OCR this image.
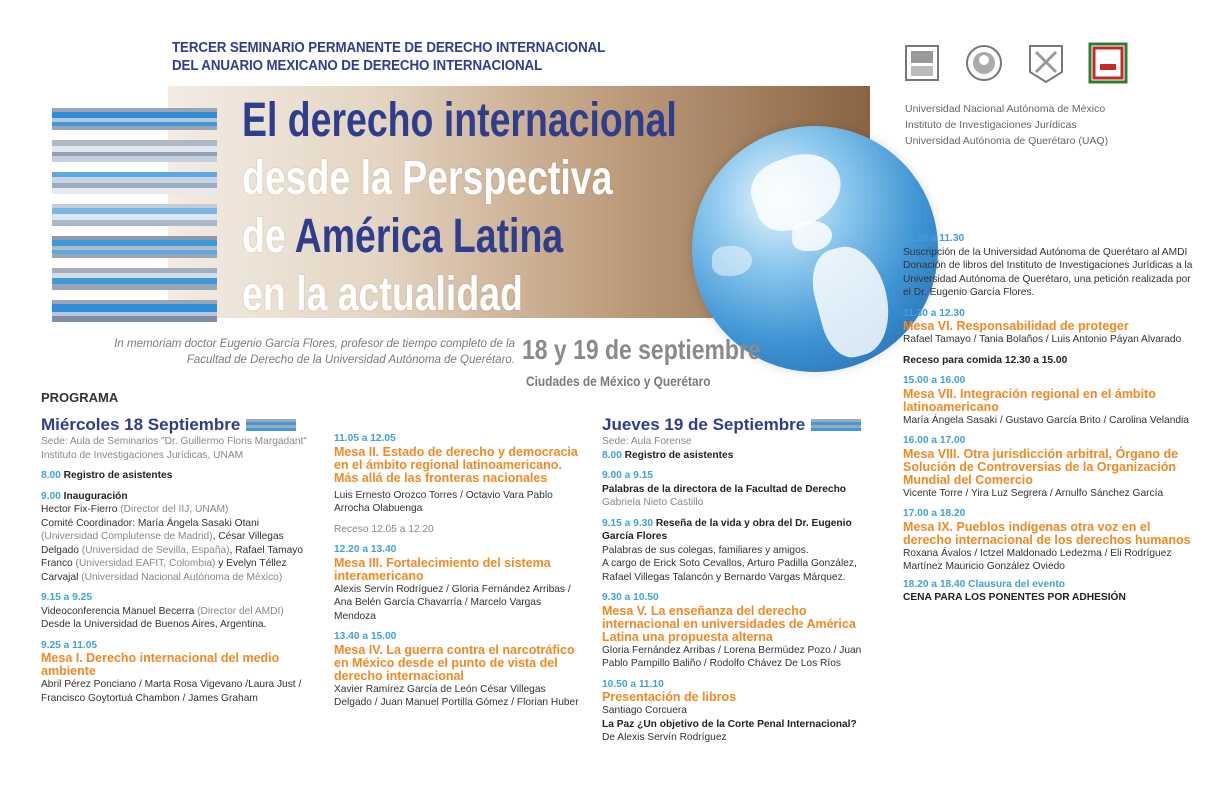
TERCER SEMINARIO PERMANENTE DE DERECHO INTERNACIONAL
DEL ANUARIO MEXICANO DE DERECHO INTERNACIONAL
El derecho internacional
desde la Perspectiva
de América Latina
en la actualidad
In memoriam doctor Eugenio García Flores, profesor de tiempo completo de la
Facultad de Derecho de la Universidad Autónoma de Querétaro. 18 y 19 de septiembre
Ciudades de México y Querétaro
Universidad Nacional Autónoma de México
Instituto de Investigaciones Jurídicas
Universidad Autónoma de Querétaro (UAQ)
PROGRAMA
Miércoles 18 Septiembre
Sede: Aula de Seminarios "Dr. Guillermo Floris Margadant"
Instituto de Investigaciones Jurídicas, UNAM
8.00 Registro de asistentes
9.00 Inauguración
Hector Fix-Fierro (Director del IIJ, UNAM)
Comité Coordinador: María Ángela Sasaki Otani
(Universidad Complutense de Madrid), César Villegas
Delgado (Universidad de Sevilla, España), Rafael Tamayo
Franco (Universidad EAFIT, Colombia) y Evelyn Téllez
Carvajal (Universidad Nacional Autónoma de México)
9.15 a 9.25
Videoconferencia Manuel Becerra (Director del AMDI)
Desde la Universidad de Buenos Aires, Argentina.
9.25 a 11.05
Mesa I. Derecho internacional del medio ambiente
Abril Pérez Ponciano / Marta Rosa Vigevano /Laura Just / Francisco Goytortuá Chambon / James Graham
11.05 a 12.05
Mesa II. Estado de derecho y democracia en el ámbito regional latinoamericano. Más allá de las fronteras nacionales
Luis Ernesto Orozco Torres / Octavio Vara Pablo Arrocha Olabuenga
Receso 12.05 a 12.20
12.20 a 13.40
Mesa III. Fortalecimiento del sistema interamericano
Alexis Servín Rodríguez / Gloria Fernández Arribas / Ana Belén García Chavarría / Marcelo Vargas Mendoza
13.40 a 15.00
Mesa IV. La guerra contra el narcotráfico en México desde el punto de vista del derecho internacional
Xavier Ramírez García de León César Villegas Delgado / Juan Manuel Portilla Gómez / Florian Huber
Jueves 19 de Septiembre
Sede: Aula Forense
8.00 Registro de asistentes
9.00 a 9.15
Palabras de la directora de la Facultad de Derecho
Gabriela Nieto Castillo
9.15 a 9.30 Reseña de la vida y obra del Dr. Eugenio García Flores
Palabras de sus colegas, familiares y amigos.
A cargo de Erick Soto Cevallos, Arturo Padilla González, Rafael Villegas Talancón y Bernardo Vargas Márquez.
9.30 a 10.50
Mesa V. La enseñanza del derecho internacional en universidades de América Latina una propuesta alterna
Gloria Fernández Arribas / Lorena Bermúdez Pozo / Juan Pablo Pampillo Baliño / Rodolfo Chávez De Los Ríos
10.50 a 11.10
Presentación de libros
Santiago Corcuera
La Paz ¿Un objetivo de la Corte Penal Internacional?
De Alexis Servín Rodríguez
11.10 a 11.30
Suscripción de la Universidad Autónoma de Querétaro al AMDI
Donación de libros del Instituto de Investigaciones Jurídicas a la Universidad Autónoma de Querétaro, una petición realizada por el Dr. Eugenio García Flores.
11.30 a 12.30
Mesa VI. Responsabilidad de proteger
Rafael Tamayo / Tania Bolaños / Luis Antonio Páyan Alvarado
Receso para comida 12.30 a 15.00
15.00 a 16.00
Mesa VII. Integración regional en el ámbito latinoamericano
María Ángela Sasaki / Gustavo García Brito / Carolina Velandia
16.00 a 17.00
Mesa VIII. Otra jurisdicción arbitral, Órgano de Solución de Controversias de la Organización Mundial del Comercio
Vicente Torre / Yira Luz Segrera / Arnulfo Sánchez García
17.00 a 18.20
Mesa IX. Pueblos indígenas otra voz en el derecho internacional de los derechos humanos
Roxana Ávalos / Ictzel Maldonado Ledezma / Eli Rodríguez Martínez Mauricio González Oviedo
18.20 a 18.40 Clausura del evento
CENA PARA LOS PONENTES POR ADHESIÓN
